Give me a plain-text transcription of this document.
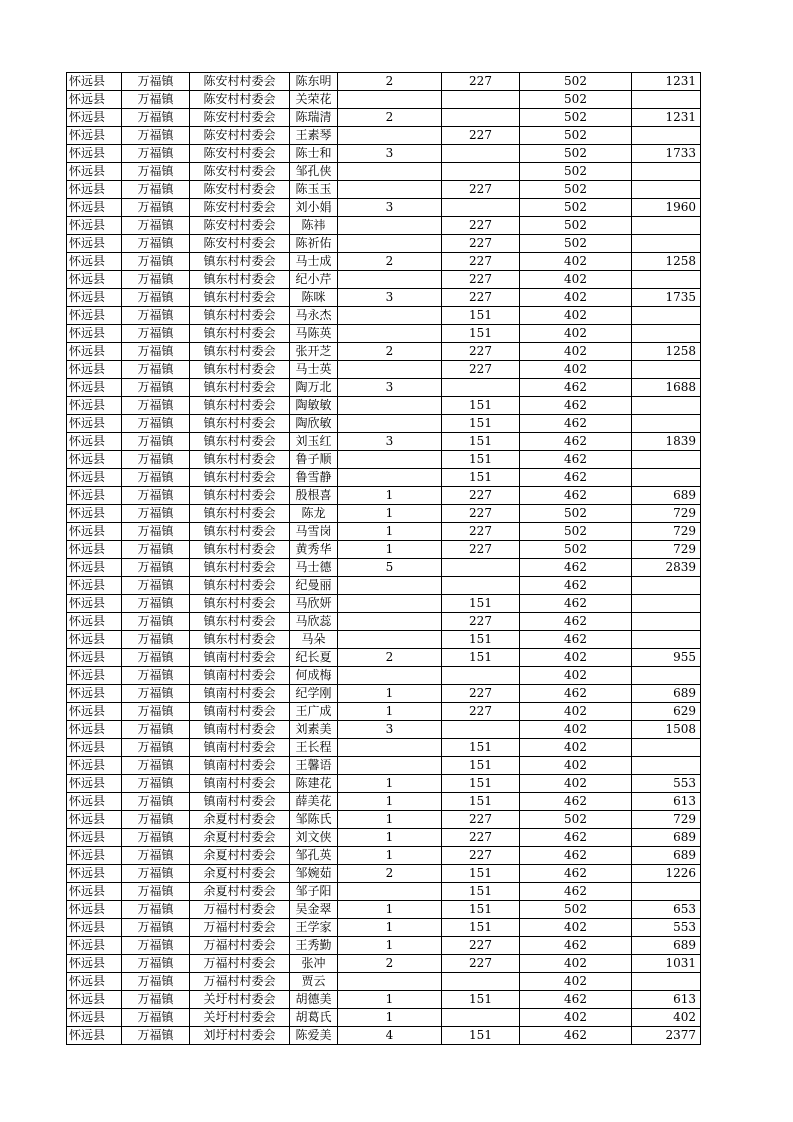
怀远县	万福镇	陈安村村委会	陈东明	2	227	502	1231
怀远县	万福镇	陈安村村委会	关荣花			502	
怀远县	万福镇	陈安村村委会	陈瑞清	2		502	1231
怀远县	万福镇	陈安村村委会	王素琴		227	502	
怀远县	万福镇	陈安村村委会	陈士和	3		502	1733
怀远县	万福镇	陈安村村委会	邹孔侠			502	
怀远县	万福镇	陈安村村委会	陈玉玉		227	502	
怀远县	万福镇	陈安村村委会	刘小娟	3		502	1960
怀远县	万福镇	陈安村村委会	陈祎		227	502	
怀远县	万福镇	陈安村村委会	陈祈佑		227	502	
怀远县	万福镇	镇东村村委会	马士成	2	227	402	1258
怀远县	万福镇	镇东村村委会	纪小芹		227	402	
怀远县	万福镇	镇东村村委会	陈咪	3	227	402	1735
怀远县	万福镇	镇东村村委会	马永杰		151	402	
怀远县	万福镇	镇东村村委会	马陈英		151	402	
怀远县	万福镇	镇东村村委会	张开芝	2	227	402	1258
怀远县	万福镇	镇东村村委会	马士英		227	402	
怀远县	万福镇	镇东村村委会	陶万北	3		462	1688
怀远县	万福镇	镇东村村委会	陶敏敏		151	462	
怀远县	万福镇	镇东村村委会	陶欣敏		151	462	
怀远县	万福镇	镇东村村委会	刘玉红	3	151	462	1839
怀远县	万福镇	镇东村村委会	鲁子顺		151	462	
怀远县	万福镇	镇东村村委会	鲁雪静		151	462	
怀远县	万福镇	镇东村村委会	殷根喜	1	227	462	689
怀远县	万福镇	镇东村村委会	陈龙	1	227	502	729
怀远县	万福镇	镇东村村委会	马雪岗	1	227	502	729
怀远县	万福镇	镇东村村委会	黄秀华	1	227	502	729
怀远县	万福镇	镇东村村委会	马士德	5		462	2839
怀远县	万福镇	镇东村村委会	纪曼丽			462	
怀远县	万福镇	镇东村村委会	马欣妍		151	462	
怀远县	万福镇	镇东村村委会	马欣蕊		227	462	
怀远县	万福镇	镇东村村委会	马朵		151	462	
怀远县	万福镇	镇南村村委会	纪长夏	2	151	402	955
怀远县	万福镇	镇南村村委会	何成梅			402	
怀远县	万福镇	镇南村村委会	纪学刚	1	227	462	689
怀远县	万福镇	镇南村村委会	王广成	1	227	402	629
怀远县	万福镇	镇南村村委会	刘素美	3		402	1508
怀远县	万福镇	镇南村村委会	王长程		151	402	
怀远县	万福镇	镇南村村委会	王馨语		151	402	
怀远县	万福镇	镇南村村委会	陈建花	1	151	402	553
怀远县	万福镇	镇南村村委会	薛美花	1	151	462	613
怀远县	万福镇	余夏村村委会	邹陈氏	1	227	502	729
怀远县	万福镇	余夏村村委会	刘文侠	1	227	462	689
怀远县	万福镇	余夏村村委会	邹孔英	1	227	462	689
怀远县	万福镇	余夏村村委会	邹婉茹	2	151	462	1226
怀远县	万福镇	余夏村村委会	邹子阳		151	462	
怀远县	万福镇	万福村村委会	吴金翠	1	151	502	653
怀远县	万福镇	万福村村委会	王学家	1	151	402	553
怀远县	万福镇	万福村村委会	王秀勤	1	227	462	689
怀远县	万福镇	万福村村委会	张冲	2	227	402	1031
怀远县	万福镇	万福村村委会	贾云			402	
怀远县	万福镇	关圩村村委会	胡德美	1	151	462	613
怀远县	万福镇	关圩村村委会	胡葛氏	1		402	402
怀远县	万福镇	刘圩村村委会	陈爱美	4	151	462	2377
